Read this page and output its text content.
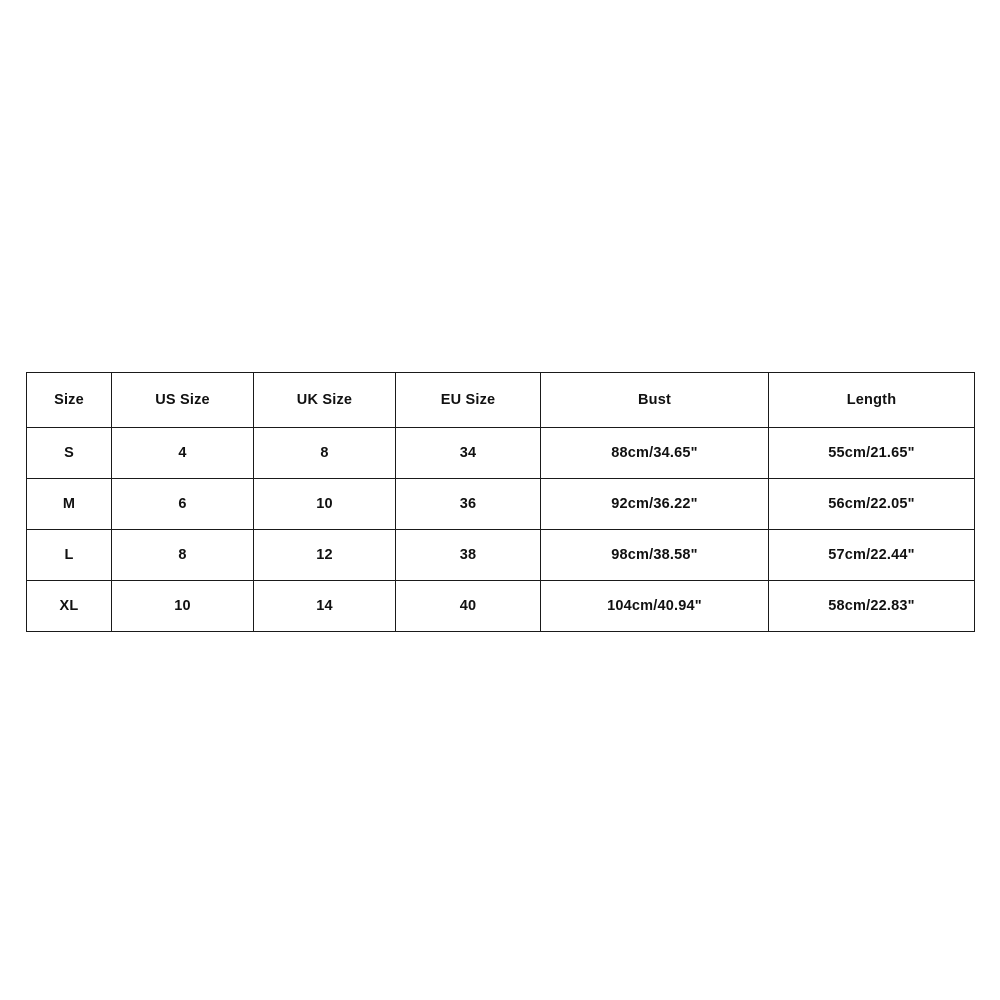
Size	US Size	UK Size	EU Size	Bust	Length
S	4	8	34	88cm/34.65"	55cm/21.65"
M	6	10	36	92cm/36.22"	56cm/22.05"
L	8	12	38	98cm/38.58"	57cm/22.44"
XL	10	14	40	104cm/40.94"	58cm/22.83"
